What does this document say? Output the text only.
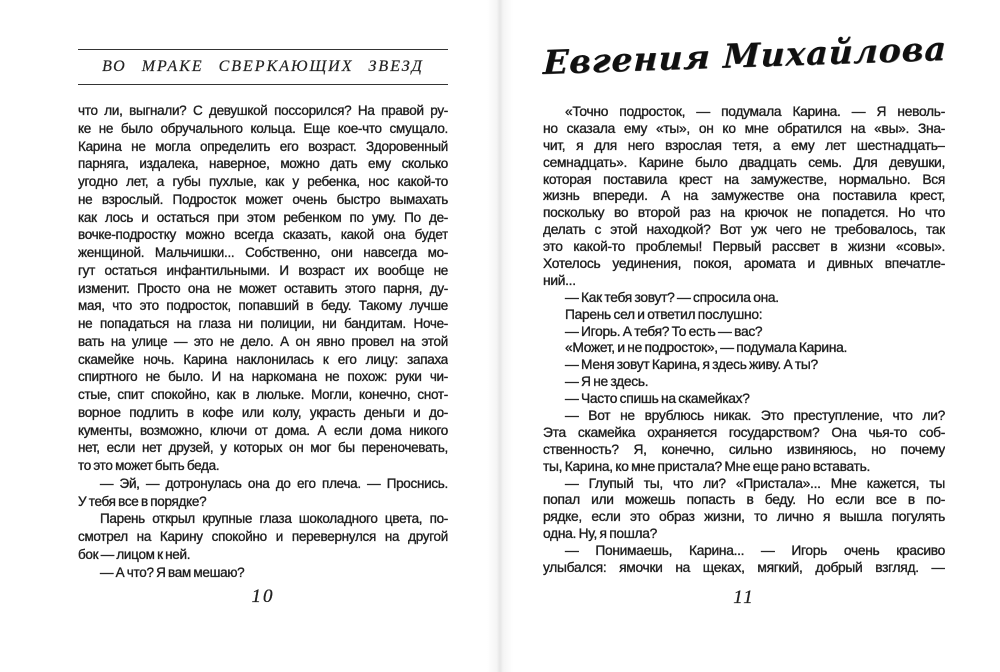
ВО МРАКЕ СВЕРКАЮЩИХ ЗВЕЗД
что ли, выгнали? С девушкой поссорился? На правой ру-
ке не было обручального кольца. Еще кое-что смущало.
Карина не могла определить его возраст. Здоровенный
парняга, издалека, наверное, можно дать ему сколько
угодно лет, а губы пухлые, как у ребенка, нос какой-то
не взрослый. Подросток может очень быстро вымахать
как лось и остаться при этом ребенком по уму. По де-
вочке-подростку можно всегда сказать, какой она будет
женщиной. Мальчишки... Собственно, они навсегда мо-
гут остаться инфантильными. И возраст их вообще не
изменит. Просто она не может оставить этого парня, ду-
мая, что это подросток, попавший в беду. Такому лучше
не попадаться на глаза ни полиции, ни бандитам. Ноче-
вать на улице — это не дело. А он явно провел на этой
скамейке ночь. Карина наклонилась к его лицу: запаха
спиртного не было. И на наркомана не похож: руки чи-
стые, спит спокойно, как в люльке. Могли, конечно, снот-
ворное подлить в кофе или колу, украсть деньги и до-
кументы, возможно, ключи от дома. А если дома никого
нет, если нет друзей, у которых он мог бы переночевать,
то это может быть беда.
— Эй, — дотронулась она до его плеча. — Проснись.
У тебя все в порядке?
Парень открыл крупные глаза шоколадного цвета, по-
смотрел на Карину спокойно и перевернулся на другой
бок — лицом к ней.
— А что? Я вам мешаю?
10
Евгения Михайлова
«Точно подросток, — подумала Карина. — Я неволь-
но сказала ему «ты», он ко мне обратился на «вы». Зна-
чит, я для него взрослая тетя, а ему лет шестнадцать–
семнадцать». Карине было двадцать семь. Для девушки,
которая поставила крест на замужестве, нормально. Вся
жизнь впереди. А на замужестве она поставила крест,
поскольку во второй раз на крючок не попадется. Но что
делать с этой находкой? Вот уж чего не требовалось, так
это какой-то проблемы! Первый рассвет в жизни «совы».
Хотелось уединения, покоя, аромата и дивных впечатле-
ний...
— Как тебя зовут? — спросила она.
Парень сел и ответил послушно:
— Игорь. А тебя? То есть — вас?
«Может, и не подросток», — подумала Карина.
— Меня зовут Карина, я здесь живу. А ты?
— Я не здесь.
— Часто спишь на скамейках?
— Вот не врублюсь никак. Это преступление, что ли?
Эта скамейка охраняется государством? Она чья-то соб-
ственность? Я, конечно, сильно извиняюсь, но почему
ты, Карина, ко мне пристала? Мне еще рано вставать.
— Глупый ты, что ли? «Пристала»... Мне кажется, ты
попал или можешь попасть в беду. Но если все в по-
рядке, если это образ жизни, то лично я вышла погулять
одна. Ну, я пошла?
— Понимаешь, Карина... — Игорь очень красиво
улыбался: ямочки на щеках, мягкий, добрый взгляд. —
11
